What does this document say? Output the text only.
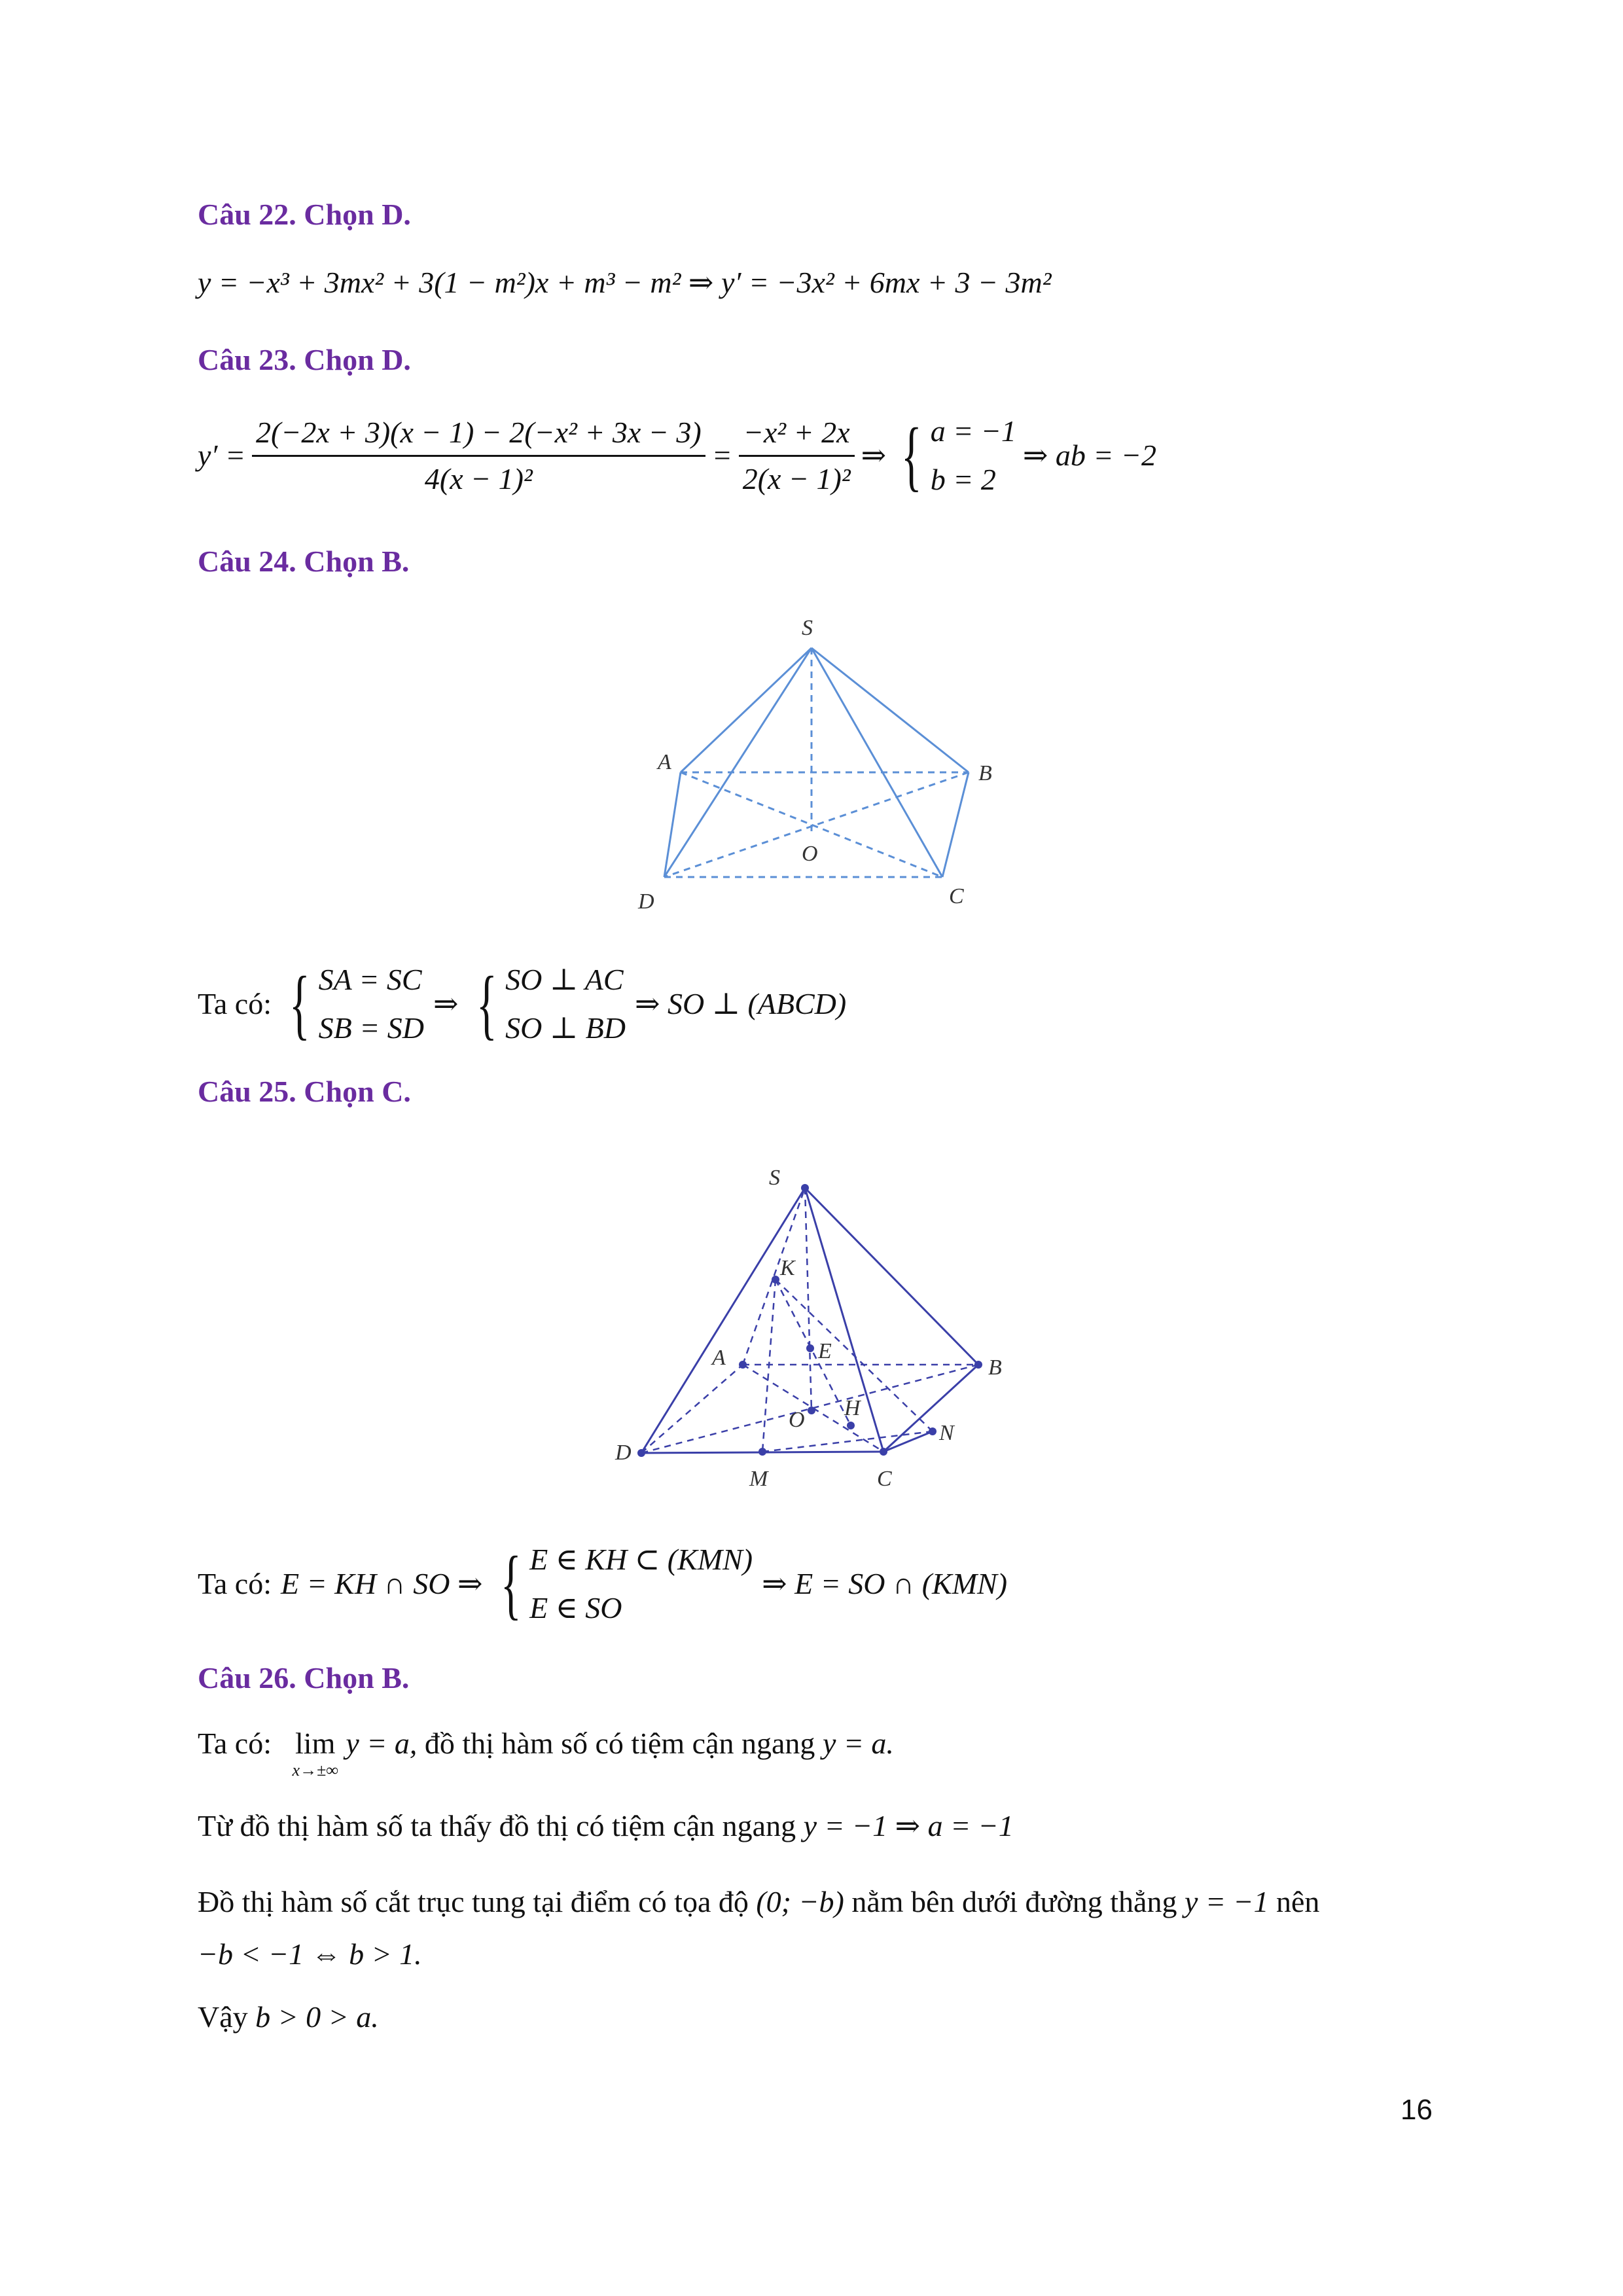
Câu 22. Chọn D.
y = −x³ + 3mx² + 3(1 − m²)x + m³ − m² ⇒ y′ = −3x² + 6mx + 3 − 3m²
Câu 23. Chọn D.
$y' = \frac{\text{2(−2x + 3)(x − 1) − 2(−x² + 3x − 3)}}{\text{4(x − 1)²}} = \frac{\text{−x² + 2x}}{\text{2(x − 1)²}}$ ⇒ { a = −1
b = 2
⇒ ab = −2
Câu 24. Chọn B.
S
A	B
C
D
O
Ta có: { SA = SC
SB = SD
⇒ { SO ⊥ AC
SO ⊥ BD
⇒ SO ⊥ (ABCD)
Câu 25. Chọn C.
S
K
A	E
B
O H
N
D
M	C
Ta có: E = KH ∩ SO ⇒ { E ∈ KH ⊂ (KMN)
E ∈ SO
⇒ E = SO ∩ (KMN)
Câu 26. Chọn B.
Ta có: lim
x→±∞
y = a, đồ thị hàm số có tiệm cận ngang y = a.
Từ đồ thị hàm số ta thấy đồ thị có tiệm cận ngang y = −1 ⇒ a = −1
Đồ thị hàm số cắt trục tung tại điểm có tọa độ (0; −b) nằm bên dưới đường thẳng y = −1 nên
−b < −1 ⇔ b > 1.
Vậy b > 0 > a.
16
